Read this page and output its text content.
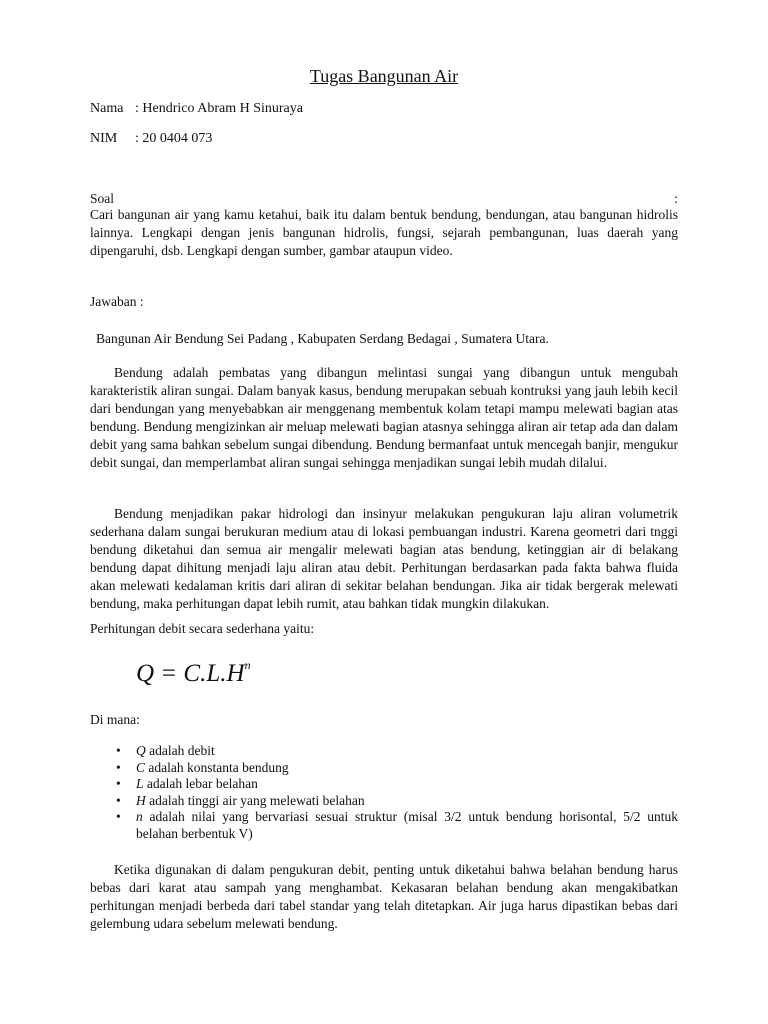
Tugas Bangunan Air
Nama : Hendrico Abram H Sinuraya
NIM : 20 0404 073
Soal	:
Cari bangunan air yang kamu ketahui, baik itu dalam bentuk bendung, bendungan, atau bangunan hidrolis lainnya. Lengkapi dengan jenis bangunan hidrolis, fungsi, sejarah pembangunan, luas daerah yang dipengaruhi, dsb. Lengkapi dengan sumber, gambar ataupun video.
Jawaban :
Bangunan Air Bendung Sei Padang , Kabupaten Serdang Bedagai , Sumatera Utara.
Bendung adalah pembatas yang dibangun melintasi sungai yang dibangun untuk mengubah karakteristik aliran sungai. Dalam banyak kasus, bendung merupakan sebuah kontruksi yang jauh lebih kecil dari bendungan yang menyebabkan air menggenang membentuk kolam tetapi mampu melewati bagian atas bendung. Bendung mengizinkan air meluap melewati bagian atasnya sehingga aliran air tetap ada dan dalam debit yang sama bahkan sebelum sungai dibendung. Bendung bermanfaat untuk mencegah banjir, mengukur debit sungai, dan memperlambat aliran sungai sehingga menjadikan sungai lebih mudah dilalui.
Bendung menjadikan pakar hidrologi dan insinyur melakukan pengukuran laju aliran volumetrik sederhana dalam sungai berukuran medium atau di lokasi pembuangan industri. Karena geometri dari tnggi bendung diketahui dan semua air mengalir melewati bagian atas bendung, ketinggian air di belakang bendung dapat dihitung menjadi laju aliran atau debit. Perhitungan berdasarkan pada fakta bahwa fluida akan melewati kedalaman kritis dari aliran di sekitar belahan bendungan. Jika air tidak bergerak melewati bendung, maka perhitungan dapat lebih rumit, atau bahkan tidak mungkin dilakukan.
Perhitungan debit secara sederhana yaitu:
$Q = C.L.H^n$
Di mana:
• Q adalah debit
• C adalah konstanta bendung
• L adalah lebar belahan
• H adalah tinggi air yang melewati belahan
• n adalah nilai yang bervariasi sesuai struktur (misal 3/2 untuk bendung horisontal, 5/2 untuk belahan berbentuk V)
Ketika digunakan di dalam pengukuran debit, penting untuk diketahui bahwa belahan bendung harus bebas dari karat atau sampah yang menghambat. Kekasaran belahan bendung akan mengakibatkan perhitungan menjadi berbeda dari tabel standar yang telah ditetapkan. Air juga harus dipastikan bebas dari gelembung udara sebelum melewati bendung.
